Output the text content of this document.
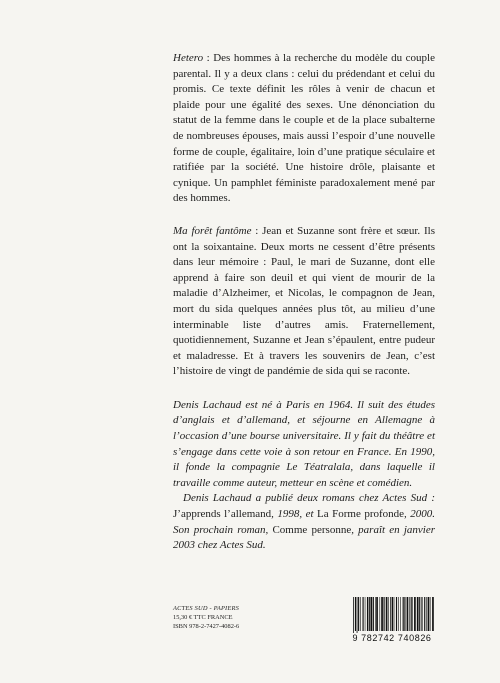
Hetero : Des hommes à la recherche du modèle du couple parental. Il y a deux clans : celui du prédendant et celui du promis. Ce texte définit les rôles à venir de chacun et plaide pour une égalité des sexes. Une dénonciation du statut de la femme dans le couple et de la place subalterne de nombreuses épouses, mais aussi l’espoir d’une nouvelle forme de couple, égalitaire, loin d’une pratique séculaire et ratifiée par la société. Une histoire drôle, plaisante et cynique. Un pamphlet féministe paradoxalement mené par des hommes.

Ma forêt fantôme : Jean et Suzanne sont frère et sœur. Ils ont la soixantaine. Deux morts ne cessent d’être présents dans leur mémoire : Paul, le mari de Suzanne, dont elle apprend à faire son deuil et qui vient de mourir de la maladie d’Alzheimer, et Nicolas, le compagnon de Jean, mort du sida quelques années plus tôt, au milieu d’une interminable liste d’autres amis. Fraternellement, quotidiennement, Suzanne et Jean s’épaulent, entre pudeur et maladresse. Et à travers les souvenirs de Jean, c’est l’histoire de vingt de pandémie de sida qui se raconte.

Denis Lachaud est né à Paris en 1964. Il suit des études d’anglais et d’allemand, et séjourne en Allemagne à l’occasion d’une bourse universitaire. Il y fait du théâtre et s’engage dans cette voie à son retour en France. En 1990, il fonde la compagnie Le Téatralala, dans laquelle il travaille comme auteur, metteur en scène et comédien.

Denis Lachaud a publié deux romans chez Actes Sud : J’apprends l’allemand, 1998, et La Forme profonde, 2000. Son prochain roman, Comme personne, paraît en janvier 2003 chez Actes Sud.

ACTES SUD - PAPIERS
15,30 € TTC FRANCE
ISBN 978-2-7427-4082-6
9 782742 740826
